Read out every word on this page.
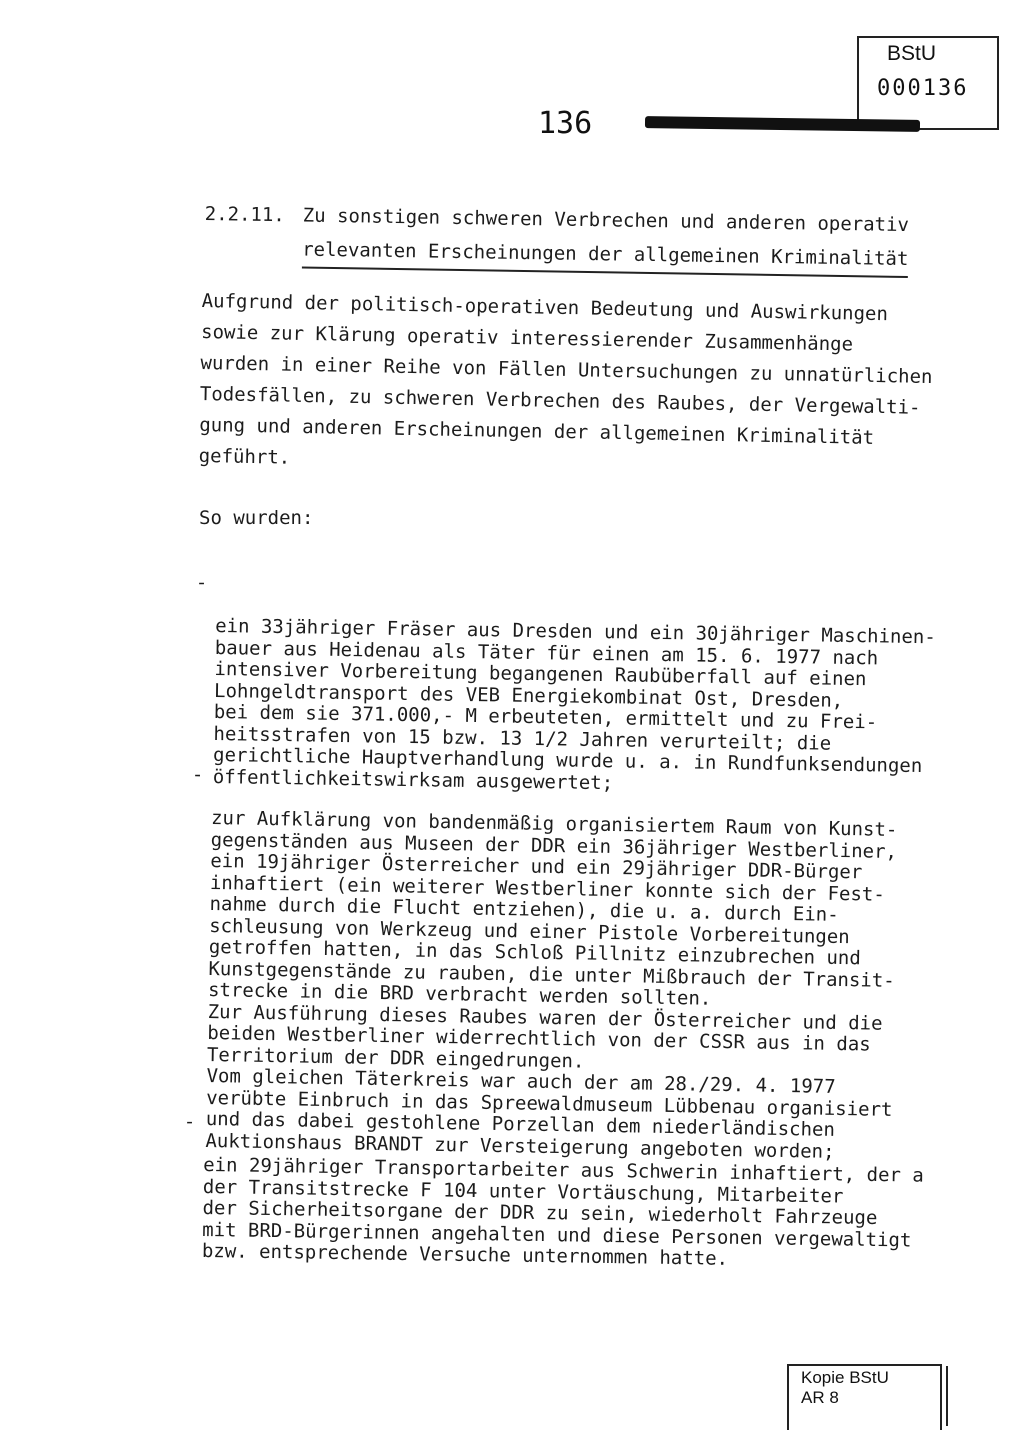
BStU
000136
136
2.2.11. Zu sonstigen schweren Verbrechen und anderen operativ
relevanten Erscheinungen der allgemeinen Kriminalität

Aufgrund der politisch-operativen Bedeutung und Auswirkungen
sowie zur Klärung operativ interessierender Zusammenhänge
wurden in einer Reihe von Fällen Untersuchungen zu unnatürlichen
Todesfällen, zu schweren Verbrechen des Raubes, der Vergewalti-
gung und anderen Erscheinungen der allgemeinen Kriminalität
geführt.

So wurden:

-

ein 33jähriger Fräser aus Dresden und ein 30jähriger Maschinen-
bauer aus Heidenau als Täter für einen am 15. 6. 1977 nach
intensiver Vorbereitung begangenen Raubüberfall auf einen
Lohngeldtransport des VEB Energiekombinat Ost, Dresden,
bei dem sie 371.000,- M erbeuteten, ermittelt und zu Frei-
heitsstrafen von 15 bzw. 13 1/2 Jahren verurteilt; die
gerichtliche Hauptverhandlung wurde u. a. in Rundfunksendungen
öffentlichkeitswirksam ausgewertet;

-

zur Aufklärung von bandenmäßig organisiertem Raum von Kunst-
gegenständen aus Museen der DDR ein 36jähriger Westberliner,
ein 19jähriger Österreicher und ein 29jähriger DDR-Bürger
inhaftiert (ein weiterer Westberliner konnte sich der Fest-
nahme durch die Flucht entziehen), die u. a. durch Ein-
schleusung von Werkzeug und einer Pistole Vorbereitungen
getroffen hatten, in das Schloß Pillnitz einzubrechen und
Kunstgegenstände zu rauben, die unter Mißbrauch der Transit-
strecke in die BRD verbracht werden sollten.
Zur Ausführung dieses Raubes waren der Österreicher und die
beiden Westberliner widerrechtlich von der CSSR aus in das
Territorium der DDR eingedrungen.
Vom gleichen Täterkreis war auch der am 28./29. 4. 1977
verübte Einbruch in das Spreewaldmuseum Lübbenau organisiert
und das dabei gestohlene Porzellan dem niederländischen
Auktionshaus BRANDT zur Versteigerung angeboten worden;

-

ein 29jähriger Transportarbeiter aus Schwerin inhaftiert, der a
der Transitstrecke F 104 unter Vortäuschung, Mitarbeiter
der Sicherheitsorgane der DDR zu sein, wiederholt Fahrzeuge
mit BRD-Bürgerinnen angehalten und diese Personen vergewaltigt
bzw. entsprechende Versuche unternommen hatte.

Kopie BStU
AR 8
